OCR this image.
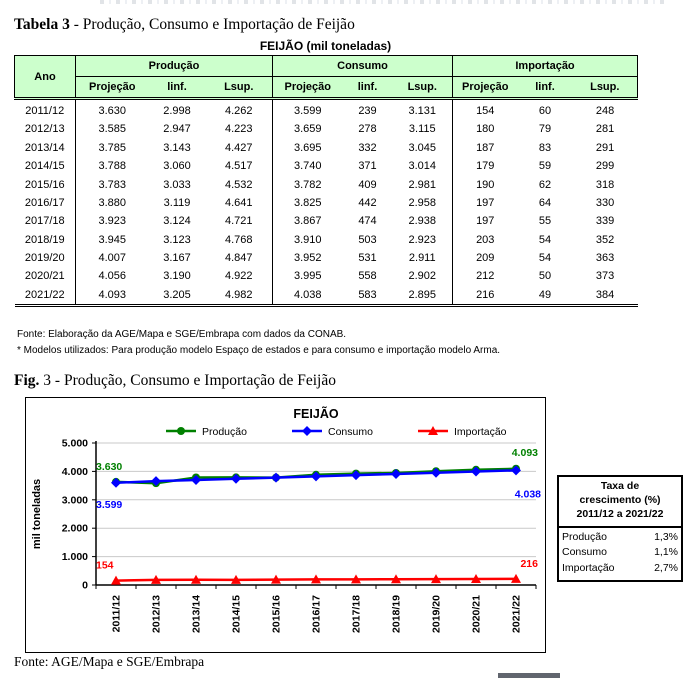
Tabela 3 - Produção, Consumo e Importação de Feijão
FEIJÃO (mil toneladas)
Ano	Produção			Consumo			Importação		
	Projeção	linf.	Lsup.	Projeção	linf.	Lsup.	Projeção	linf.	Lsup.
2011/12	3.630	2.998	4.262	3.599	239	3.131	154	60	248
2012/13	3.585	2.947	4.223	3.659	278	3.115	180	79	281
2013/14	3.785	3.143	4.427	3.695	332	3.045	187	83	291
2014/15	3.788	3.060	4.517	3.740	371	3.014	179	59	299
2015/16	3.783	3.033	4.532	3.782	409	2.981	190	62	318
2016/17	3.880	3.119	4.641	3.825	442	2.958	197	64	330
2017/18	3.923	3.124	4.721	3.867	474	2.938	197	55	339
2018/19	3.945	3.123	4.768	3.910	503	2.923	203	54	352
2019/20	4.007	3.167	4.847	3.952	531	2.911	209	54	363
2020/21	4.056	3.190	4.922	3.995	558	2.902	212	50	373
2021/22	4.093	3.205	4.982	4.038	583	2.895	216	49	384
Fonte: Elaboração da AGE/Mapa e SGE/Embrapa com dados da CONAB.
* Modelos utilizados: Para produção modelo Espaço de estados e para consumo e importação modelo Arma.
Fig. 3 - Produção, Consumo e Importação de Feijão
5.000
4.000
3.000
2.000
1.000
0
2011/12	2012/13	2013/14	2014/15	2015/16	2016/17	2017/18	2018/19	2019/20	2020/21	2021/22
3.630
4.093
3.599
4.038
154	216
FEIJÃO
Produção	Consumo	Importação
mil toneladas	Taxa de
crescimento (%)
2011/12 a 2021/22
Produção	1,3%
Consumo	1,1%
Importação	2,7%
Fonte: AGE/Mapa e SGE/Embrapa
